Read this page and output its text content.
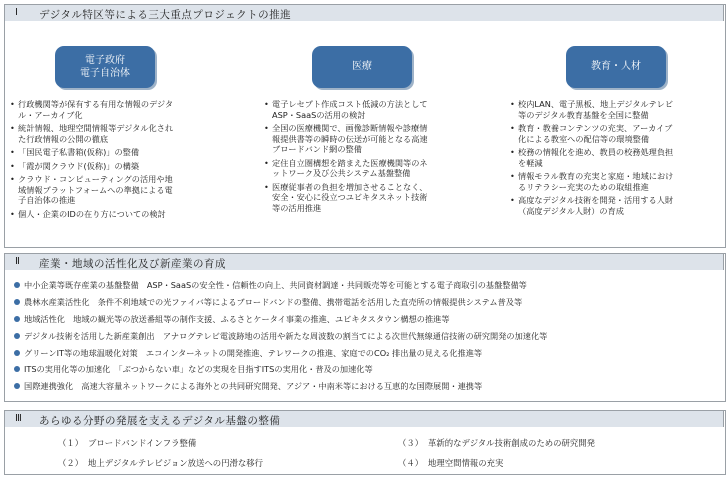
Ⅰ デジタル特区等による三大重点プロジェクトの推進
電子政府
電子自治体
医療	教育・人材
• 行政機関等が保有する有用な情報のデジタ
ル・アーカイブ化
• 統計情報、地理空間情報等デジタル化され
た行政情報の公開の徹底
• 「国民電子私書箱(仮称)」の整備
• 「霞が関クラウド(仮称)」の構築
• クラウド・コンピューティングの活用や地
域情報プラットフォームへの準拠による電
子自治体の推進
• 個人・企業のIDの在り方についての検討
• 電子レセプト作成コスト低減の方法として
ASP・SaaSの活用の検討
• 全国の医療機関で、画像診断情報や診療情
報提供書等の瞬時の伝送が可能となる高速
ブロードバンド網の整備
• 定住自立圏構想を踏まえた医療機関等のネ
ットワーク及び公共システム基盤整備
• 医療従事者の負担を増加させることなく、
安全・安心に役立つユビキタスネット技術
等の活用推進
• 校内LAN、電子黒板、地上デジタルテレビ
等のデジタル教育基盤を全国に整備
• 教育・教養コンテンツの充実、アーカイブ
化による教室への配信等の環境整備
• 校務の情報化を進め、教員の校務処理負担
を軽減
• 情報モラル教育の充実と家庭・地域におけ
るリテラシー充実のための取組推進
• 高度なデジタル技術を開発・活用する人財
（高度デジタル人財）の育成
Ⅱ 産業・地域の活性化及び新産業の育成
中小企業等既存産業の基盤整備　ASP・SaaSの安全性・信頼性の向上、共同資材調達・共同販売等を可能とする電子商取引の基盤整備等
農林水産業活性化　条件不利地域での光ファイバ等によるブロードバンドの整備、携帯電話を活用した直売所の情報提供システム普及等
地域活性化　地域の観光等の放送番組等の制作支援、ふるさとケータイ事業の推進、ユビキタスタウン構想の推進等
デジタル技術を活用した新産業創出　アナログテレビ電波跡地の活用や新たな周波数の割当てによる次世代無線通信技術の研究開発の加速化等
グリーンIT等の地球温暖化対策　エコインターネットの開発推進、テレワークの推進、家庭でのCO₂ 排出量の見える化推進等
ITSの実用化等の加速化　「ぶつからない車」などの実現を目指すITSの実用化・普及の加速化等
国際連携強化　高速大容量ネットワークによる海外との共同研究開発、アジア・中南米等における互恵的な国際展開・連携等
Ⅲ あらゆる分野の発展を支えるデジタル基盤の整備
（１） ブロードバンドインフラ整備
（２） 地上デジタルテレビジョン放送への円滑な移行
（３） 革新的なデジタル技術創成のための研究開発
（４） 地理空間情報の充実
